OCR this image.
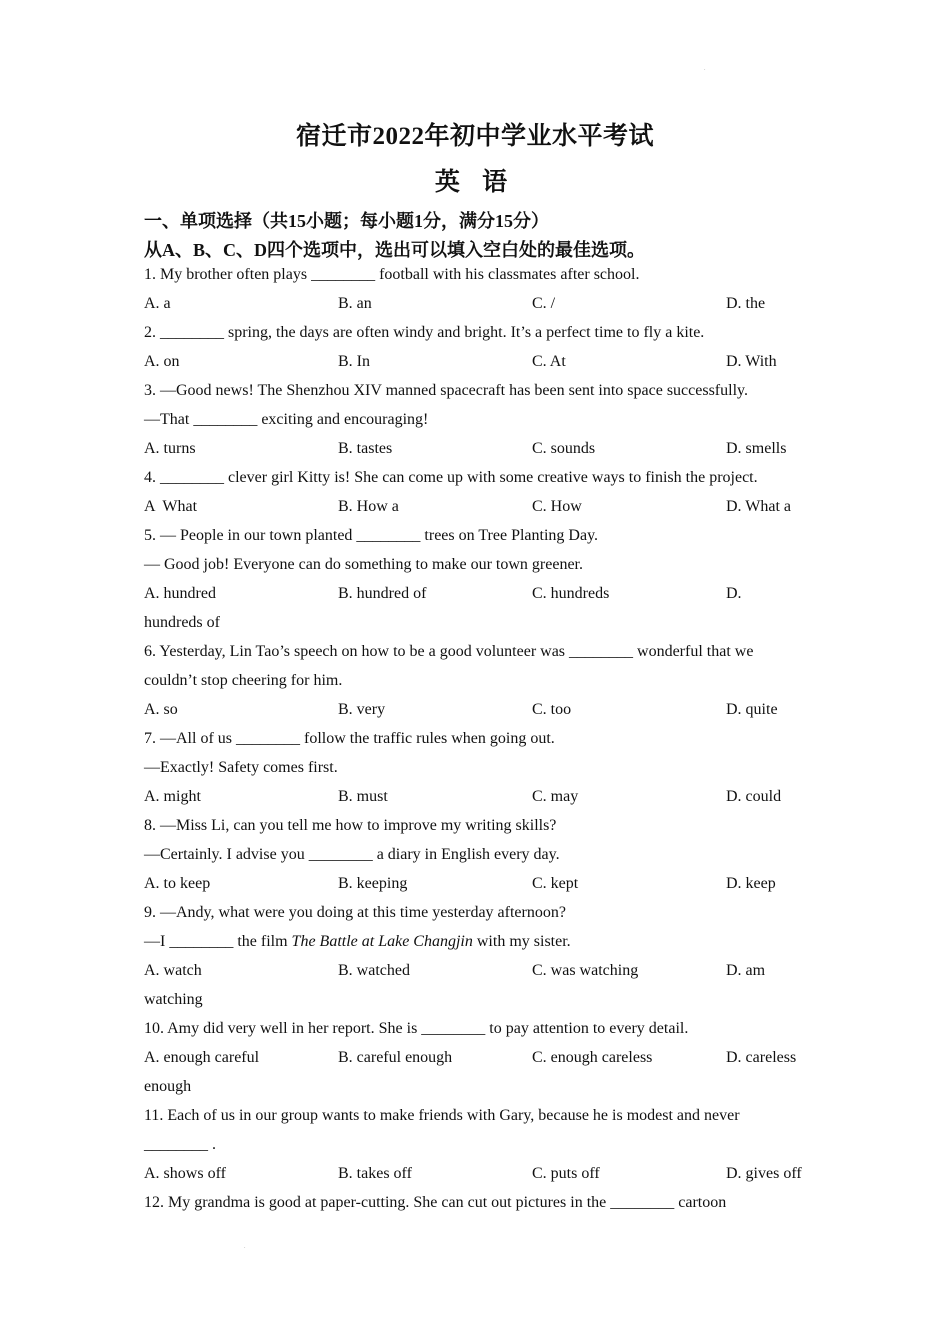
.
.
宿迁市2022年初中学业水平考试
英 语
一、单项选择（共15小题；每小题1分，满分15分）
从A、B、C、D四个选项中，选出可以填入空白处的最佳选项。
1. My brother often plays ________ football with his classmates after school.
A. a	B. an	C. /	D. the
2. ________ spring, the days are often windy and bright. It’s a perfect time to fly a kite.
A. on	B. In	C. At	D. With
3. —Good news! The Shenzhou XIV manned spacecraft has been sent into space successfully.
—That ________ exciting and encouraging!
A. turns	B. tastes	C. sounds	D. smells
4. ________ clever girl Kitty is! She can come up with some creative ways to finish the project.
A  What	B. How a	C. How	D. What a
5. — People in our town planted ________ trees on Tree Planting Day.
— Good job! Everyone can do something to make our town greener.
A. hundred	B. hundred of	C. hundreds	D.
hundreds of
6. Yesterday, Lin Tao’s speech on how to be a good volunteer was ________ wonderful that we
couldn’t stop cheering for him.
A. so	B. very	C. too	D. quite
7. —All of us ________ follow the traffic rules when going out.
—Exactly! Safety comes first.
A. might	B. must	C. may	D. could
8. —Miss Li, can you tell me how to improve my writing skills?
—Certainly. I advise you ________ a diary in English every day.
A. to keep	B. keeping	C. kept	D. keep
9. —Andy, what were you doing at this time yesterday afternoon?
—I ________ the film The Battle at Lake Changjin with my sister.
A. watch	B. watched	C. was watching	D. am
watching
10. Amy did very well in her report. She is ________ to pay attention to every detail.
A. enough careful	B. careful enough	C. enough careless	D. careless
enough
11. Each of us in our group wants to make friends with Gary, because he is modest and never
________ .
A. shows off	B. takes off	C. puts off	D. gives off
12. My grandma is good at paper-cutting. She can cut out pictures in the ________ cartoon
